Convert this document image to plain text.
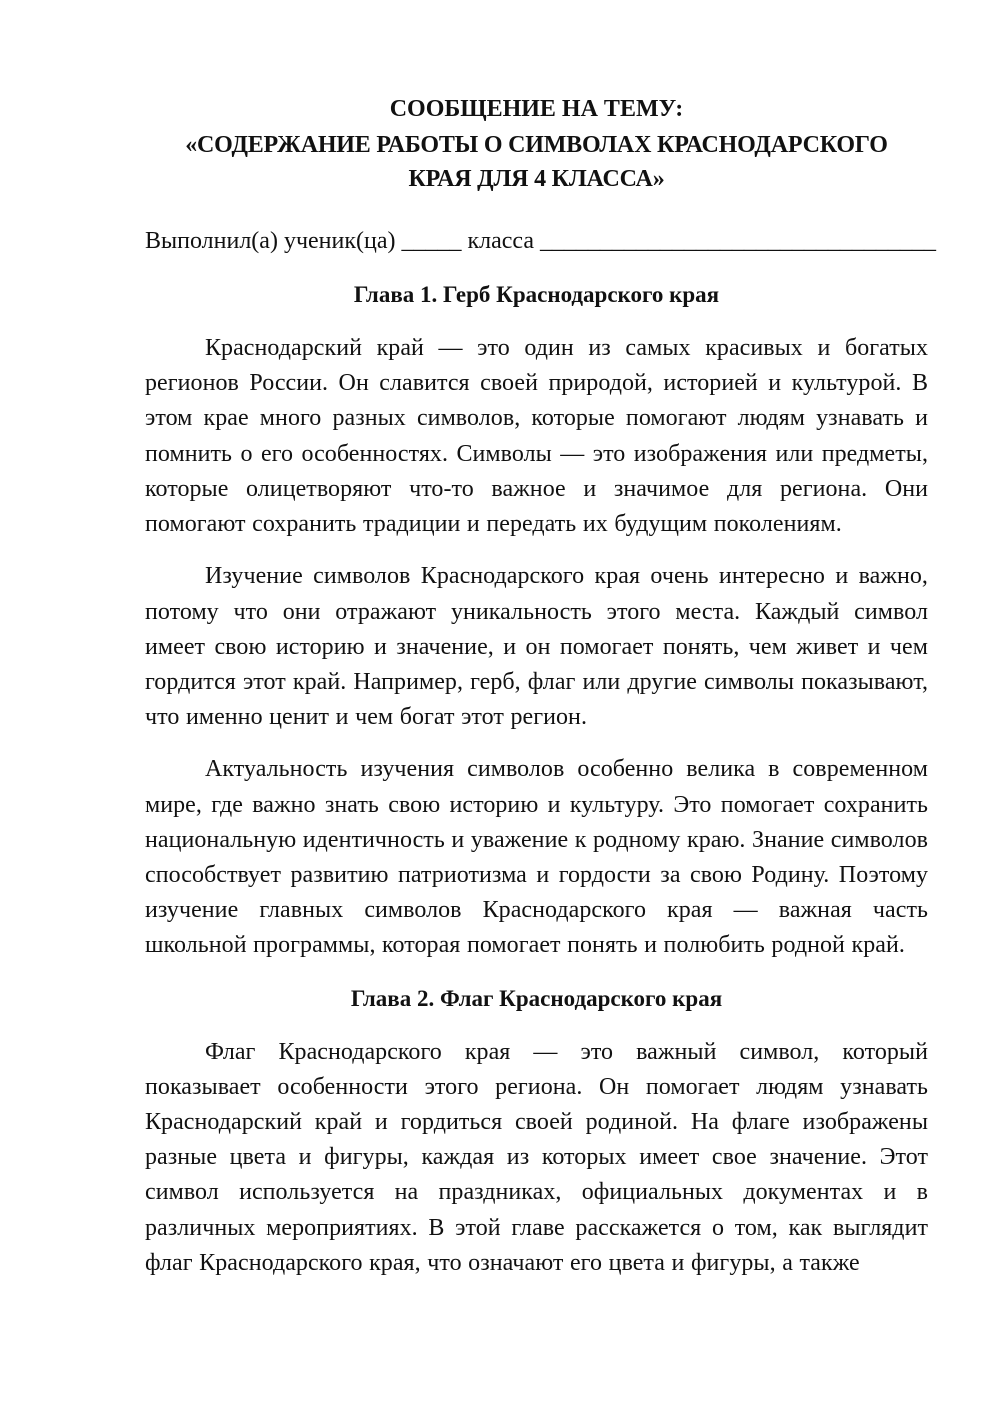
СООБЩЕНИЕ НА ТЕМУ:
«СОДЕРЖАНИЕ РАБОТЫ О СИМВОЛАХ КРАСНОДАРСКОГО
КРАЯ ДЛЯ 4 КЛАССА»
Выполнил(а) ученик(ца) _____ класса _________________________________
Глава 1. Герб Краснодарского края

Краснодарский край — это один из самых красивых и богатых регионов России. Он славится своей природой, историей и культурой. В этом крае много разных символов, которые помогают людям узнавать и помнить о его особенностях. Символы — это изображения или предметы, которые олицетворяют что-то важное и значимое для региона. Они помогают сохранить традиции и передать их будущим поколениям.

Изучение символов Краснодарского края очень интересно и важно, потому что они отражают уникальность этого места. Каждый символ имеет свою историю и значение, и он помогает понять, чем живет и чем гордится этот край. Например, герб, флаг или другие символы показывают, что именно ценит и чем богат этот регион.

Актуальность изучения символов особенно велика в современном мире, где важно знать свою историю и культуру. Это помогает сохранить национальную идентичность и уважение к родному краю. Знание символов способствует развитию патриотизма и гордости за свою Родину. Поэтому изучение главных символов Краснодарского края — важная часть школьной программы, которая помогает понять и полюбить родной край.

Глава 2. Флаг Краснодарского края

Флаг Краснодарского края — это важный символ, который показывает особенности этого региона. Он помогает людям узнавать Краснодарский край и гордиться своей родиной. На флаге изображены разные цвета и фигуры, каждая из которых имеет свое значение. Этот символ используется на праздниках, официальных документах и в различных мероприятиях. В этой главе расскажется о том, как выглядит флаг Краснодарского края, что означают его цвета и фигуры, а также
